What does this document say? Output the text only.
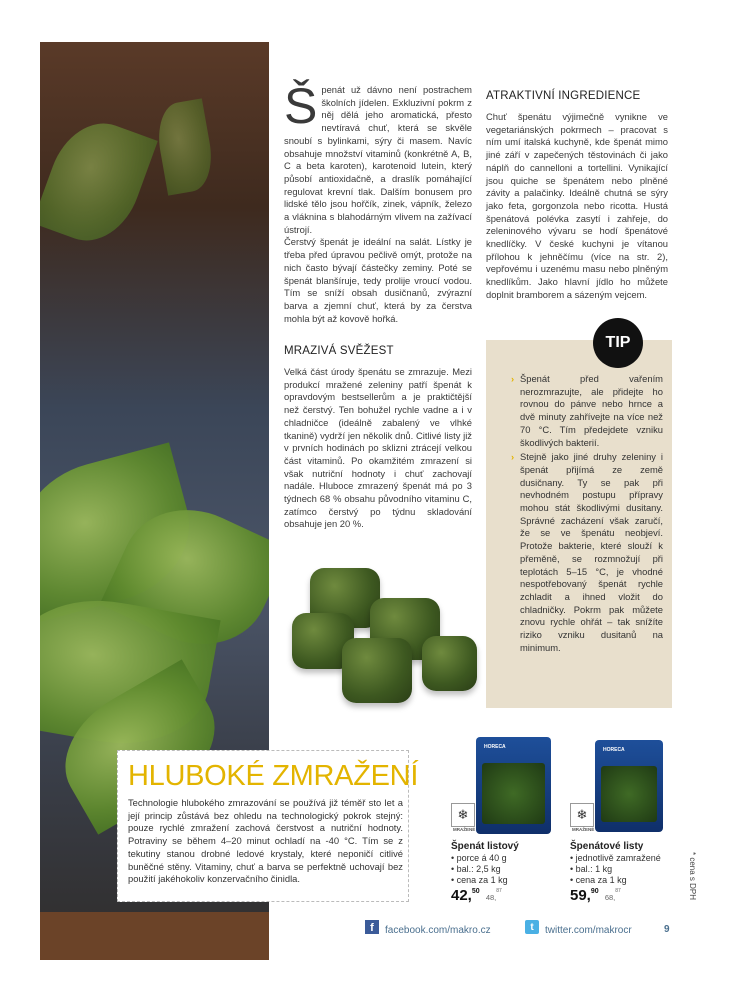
Š penát už dávno není postrachem školních jídelen. Exkluzivní pokrm z něj dělá jeho aromatická, přesto nevtíravá chuť, která se skvěle snoubí s bylinkami, sýry či masem. Navíc obsahuje množství vitaminů (konkrétně A, B, C a beta karoten), karotenoid lutein, který působí antioxidačně, a draslík pomáhající regulovat krevní tlak. Dalším bonusem pro lidské tělo jsou hořčík, zinek, vápník, železo a vláknina s blahodárným vlivem na zažívací ústrojí.

Čerstvý špenát je ideální na salát. Lístky je třeba před úpravou pečlivě omýt, protože na nich často bývají částečky zeminy. Poté se špenát blanšíruje, tedy prolije vroucí vodou. Tím se sníží obsah dusičnanů, zvýrazní barva a zjemní chuť, která by za čerstva mohla být až kovově hořká.

MRAZIVÁ SVĚŽEST

Velká část úrody špenátu se zmrazuje. Mezi produkcí mražené zeleniny patří špenát k opravdovým bestsellerům a je praktičtější než čerstvý. Ten bohužel rychle vadne a i v chladničce (ideálně zabalený ve vlhké tkanině) vydrží jen několik dnů. Citlivé listy již v prvních hodinách po sklizni ztrácejí velkou část vitaminů. Po okamžitém zmrazení si však nutriční hodnoty i chuť zachovají nadále. Hluboce zmrazený špenát má po 3 týdnech 68 % obsahu původního vitaminu C, zatímco čerstvý po týdnu skladování obsahuje jen 20 %.

ATRAKTIVNÍ INGREDIENCE

Chuť špenátu výjimečně vynikne ve vegetariánských pokrmech – pracovat s ním umí italská kuchyně, kde špenát mimo jiné září v zapečených těstovinách či jako náplň do cannelloni a tortellini. Vynikající jsou quiche se špenátem nebo plněné závity a palačinky. Ideálně chutná se sýry jako feta, gorgonzola nebo ricotta. Hustá špenátová polévka zasytí i zahřeje, do zeleninového vývaru se hodí špenátové knedlíčky. V české kuchyni je vítanou přílohou k jehněčímu (více na str. 2), vepřovému i uzenému masu nebo plněným knedlíkům. Jako hlavní jídlo ho můžete doplnit bramborem a sázeným vejcem.

TIP
› Špenát před vařením nerozmrazujte, ale přidejte ho rovnou do pánve nebo hrnce a dvě minuty zahřívejte na více než 70 °C. Tím předejdete vzniku škodlivých bakterií.
› Stejně jako jiné druhy zeleniny i špenát přijímá ze země dusičnany. Ty se pak při nevhodném postupu přípravy mohou stát škodlivými dusitany. Správné zacházení však zaručí, že se ve špenátu neobjeví. Protože bakterie, které slouží k přeměně, se rozmnožují při teplotách 5–15 °C, je vhodné nespotřebovaný špenát rychle zchladit a ihned vložit do chladničky. Pokrm pak můžete znovu rychle ohřát – tak snížíte riziko vzniku dusitanů na minimum.
HLUBOKÉ ZMRAŽENÍ
Technologie hlubokého zmrazování se používá již téměř sto let a její princip zůstává bez ohledu na technologický pokrok stejný: pouze rychlé zmražení zachová čerstvost a nutriční hodnoty. Potraviny se během 4–20 minut ochladí na -40 °C. Tím se z tekutiny stanou drobné ledové krystaly, které neponičí citlivé buněčné stěny. Vitaminy, chuť a barva se perfektně uchovají bez použití jakéhokoliv konzervačního činidla.
HORECA
❄
MRAŽENÉ
Špenát listový
• porce á 40 g
• bal.: 2,5 kg
• cena za 1 kg
42,50 48,87
HORECA
❄
MRAŽENÉ
Špenátové listy
• jednotlivě zamražené
• bal.: 1 kg
• cena za 1 kg
59,90 68,87	* cena s DPH
f	facebook.com/makro.cz	t	twitter.com/makrocr	9
